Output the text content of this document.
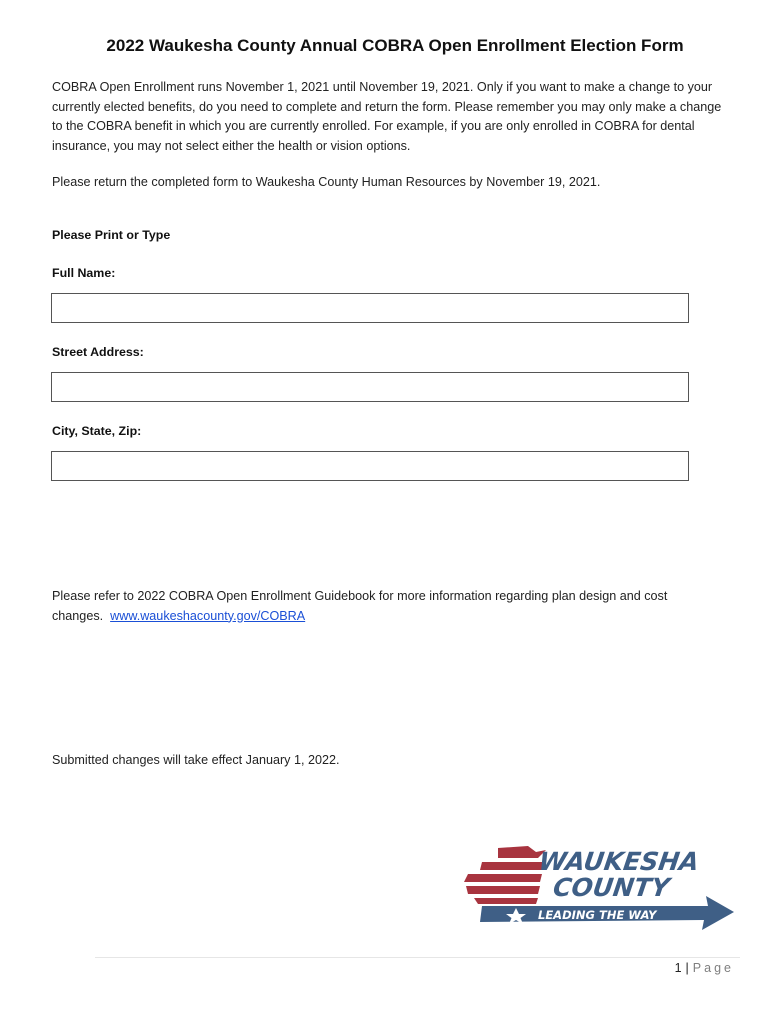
2022 Waukesha County Annual COBRA Open Enrollment Election Form
COBRA Open Enrollment runs November 1, 2021 until November 19, 2021. Only if you want to make a change to your currently elected benefits, do you need to complete and return the form. Please remember you may only make a change to the COBRA benefit in which you are currently enrolled. For example, if you are only enrolled in COBRA for dental insurance, you may not select either the health or vision options.
Please return the completed form to Waukesha County Human Resources by November 19, 2021.
Please Print or Type
Full Name:
Street Address:
City, State, Zip:
Please refer to 2022 COBRA Open Enrollment Guidebook for more information regarding plan design and cost changes. www.waukeshacounty.gov/COBRA
Submitted changes will take effect January 1, 2022.
WAUKESHA
COUNTY
LEADING THE WAY
1 | Page
